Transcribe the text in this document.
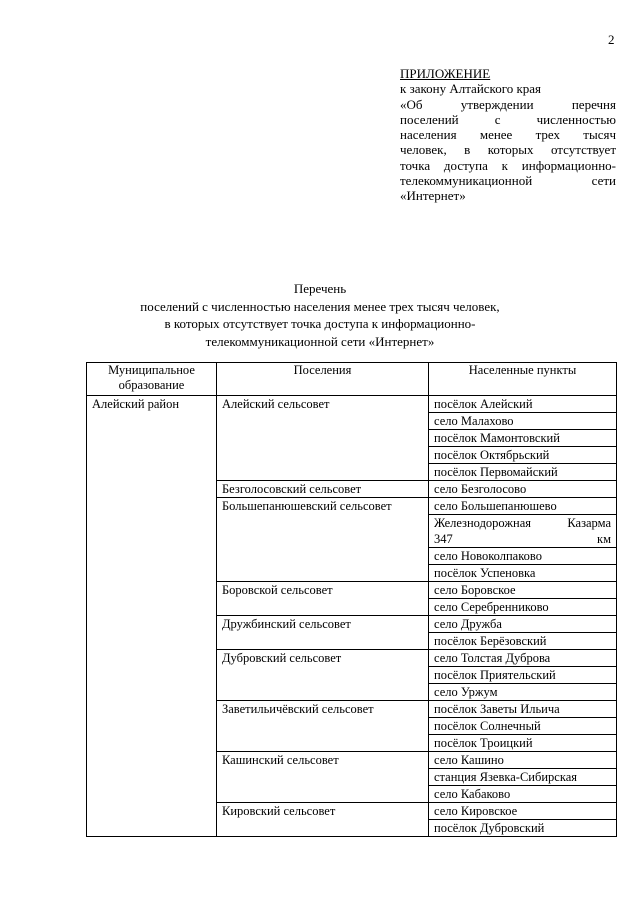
2
ПРИЛОЖЕНИЕ
к закону Алтайского края
«Об утверждении перечня
поселений с численностью
населения менее трех тысяч
человек, в которых отсутствует
точка доступа к информационно-
телекоммуникационной сети
«Интернет»
Перечень
поселений с численностью населения менее трех тысяч человек,
в которых отсутствует точка доступа к информационно-
телекоммуникационной сети «Интернет»
Муниципальное образование	Поселения	Населенные пункты
Алейский район	Алейский сельсовет	посёлок Алейский

		село Малахово

		посёлок Мамонтовский

		посёлок Октябрьский

		посёлок Первомайский

	Безголосовский сельсовет	село Безголосово

	Большепанюшевский сельсовет	село Большепанюшево

		Железнодорожная Казарма
347 км

		село Новоколпаково

		посёлок Успеновка

	Боровской сельсовет	село Боровское

		село Серебренниково

	Дружбинский сельсовет	село Дружба

		посёлок Берёзовский

	Дубровский сельсовет	село Толстая Дуброва

		посёлок Приятельский

		село Уржум

	Заветильичёвский сельсовет	посёлок Заветы Ильича

		посёлок Солнечный

		посёлок Троицкий

	Кашинский сельсовет	село Кашино

		станция Язевка-Сибирская

		село Кабаково

	Кировский сельсовет	село Кировское

		посёлок Дубровский
